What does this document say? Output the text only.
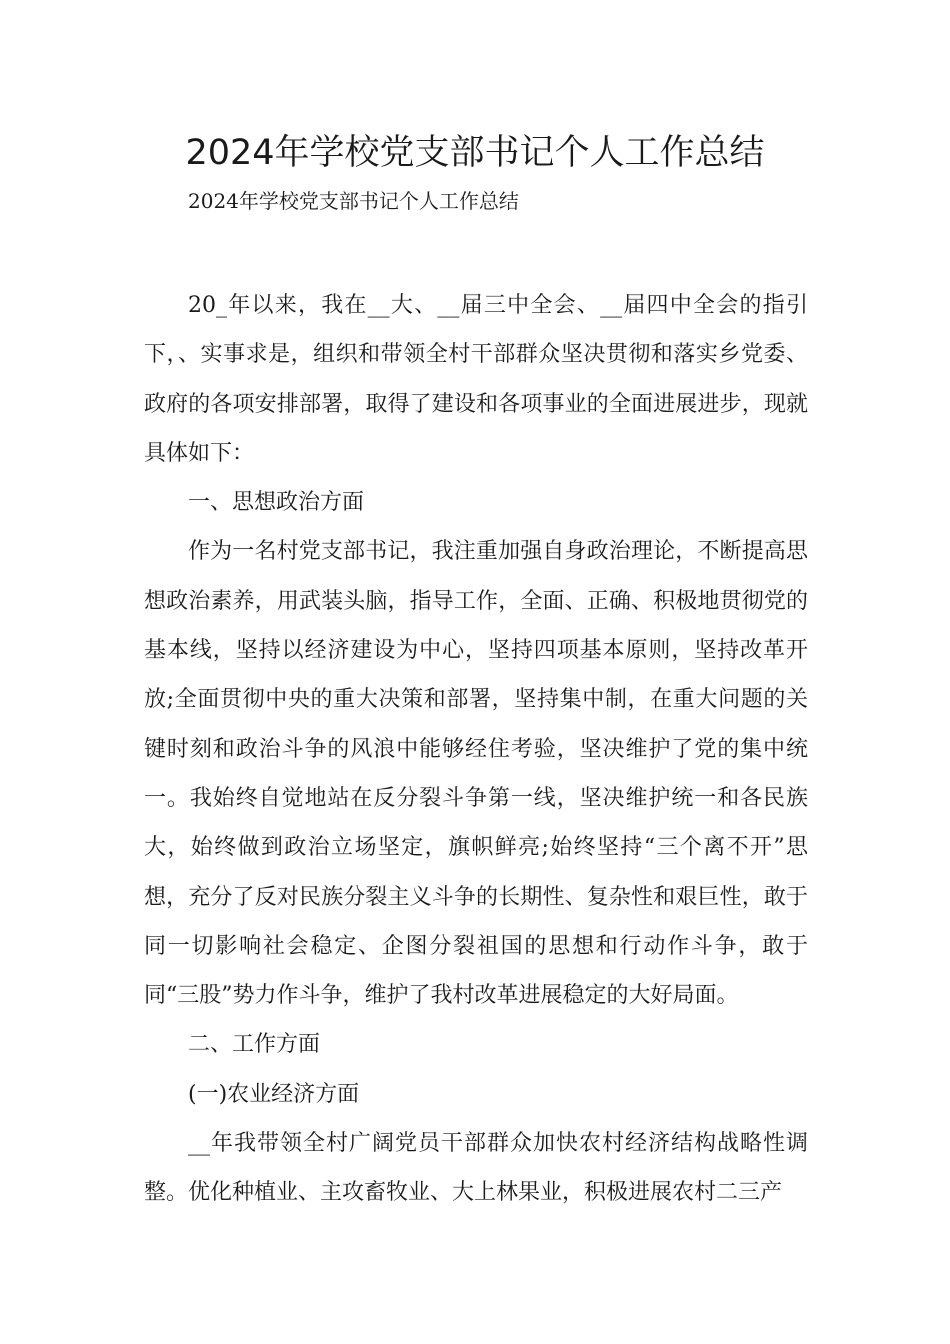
2024年学校党支部书记个人工作总结
2024年学校党支部书记个人工作总结

20_年以来，我在__大、__届三中全会、__届四中全会的指引下，、实事求是，组织和带领全村干部群众坚决贯彻和落实乡党委、政府的各项安排部署，取得了建设和各项事业的全面进展进步，现就具体如下：

一、思想政治方面

作为一名村党支部书记，我注重加强自身政治理论，不断提高思想政治素养，用武装头脑，指导工作，全面、正确、积极地贯彻党的基本线，坚持以经济建设为中心，坚持四项基本原则，坚持改革开放;全面贯彻中央的重大决策和部署，坚持集中制，在重大问题的关键时刻和政治斗争的风浪中能够经住考验，坚决维护了党的集中统一。我始终自觉地站在反分裂斗争第一线，坚决维护统一和各民族大，始终做到政治立场坚定，旗帜鲜亮;始终坚持“三个离不开”思想，充分了反对民族分裂主义斗争的长期性、复杂性和艰巨性，敢于同一切影响社会稳定、企图分裂祖国的思想和行动作斗争，敢于同“三股”势力作斗争，维护了我村改革进展稳定的大好局面。

二、工作方面

(一)农业经济方面

__年我带领全村广阔党员干部群众加快农村经济结构战略性调整。优化种植业、主攻畜牧业、大上林果业，积极进展农村二三产
